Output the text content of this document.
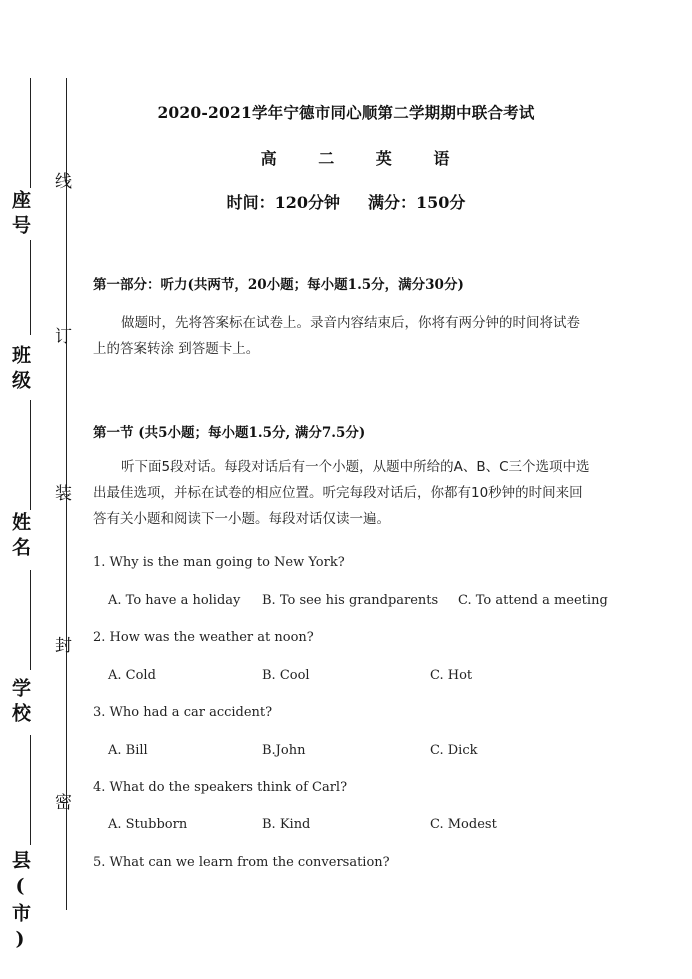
座号
班级
姓名
学校
县(市)
线
订
装
封
密
2020-2021学年宁德市同心顺第二学期期中联合考试
高 二 英 语
时间：120分钟 满分：150分
第一部分：听力(共两节，20小题；每小题1.5分，满分30分)
做题时，先将答案标在试卷上。录音内容结束后，你将有两分钟的时间将试卷
上的答案转涂 到答题卡上。
第一节 (共5小题；每小题1.5分, 满分7.5分)
听下面5段对话。每段对话后有一个小题，从题中所给的A、B、C三个选项中选
出最佳选项，并标在试卷的相应位置。听完每段对话后，你都有10秒钟的时间来回
答有关小题和阅读下一小题。每段对话仅读一遍。
1. Why is the man going to New York?
A. To have a holiday B. To see his grandparents C. To attend a meeting
2. How was the weather at noon?
A. Cold	B. Cool	C. Hot
3. Who had a car accident?
A. Bill	B.John	C. Dick
4. What do the speakers think of Carl?
A. Stubborn	B. Kind	C. Modest
5. What can we learn from the conversation?
